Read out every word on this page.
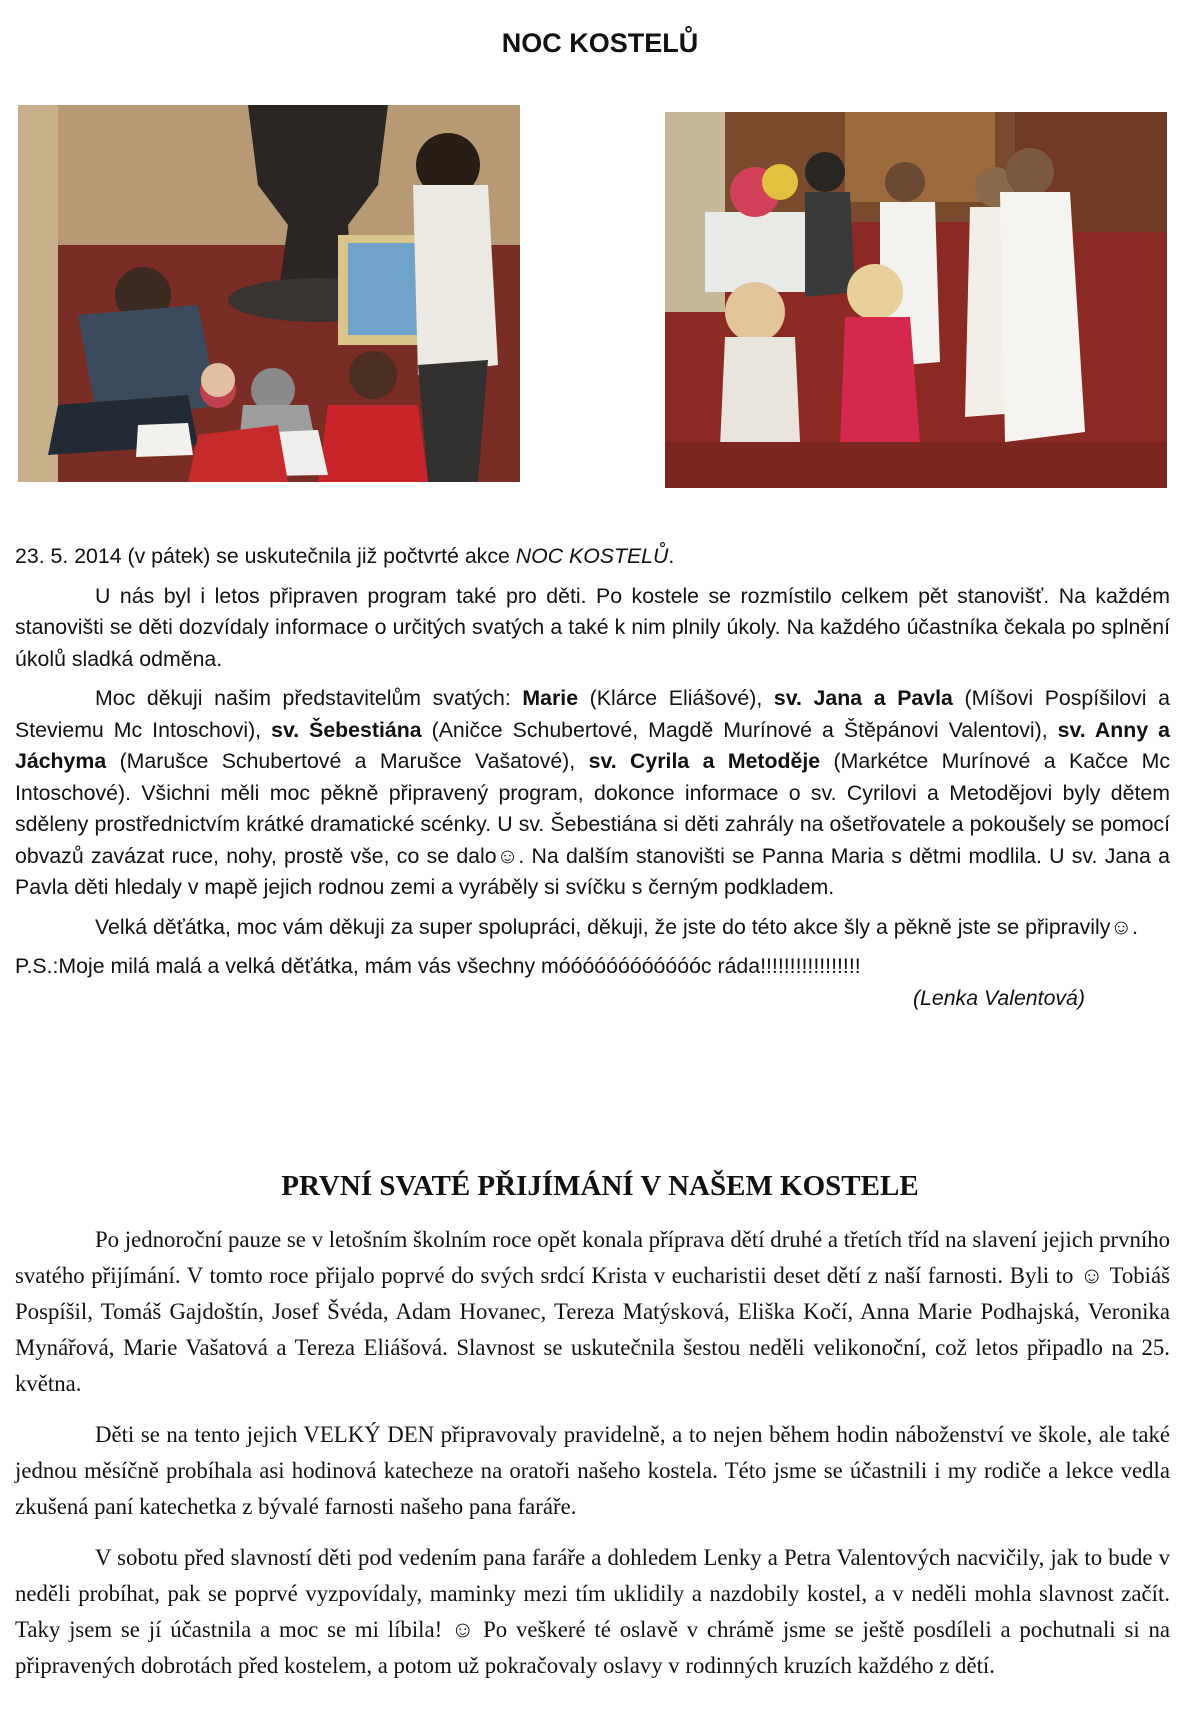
NOC KOSTELŮ

23. 5. 2014 (v pátek) se uskutečnila již počtvrté akce NOC KOSTELŮ.

U nás byl i letos připraven program také pro děti. Po kostele se rozmístilo celkem pět stanovišť. Na každém stanovišti se děti dozvídaly informace o určitých svatých a také k nim plnily úkoly. Na každého účastníka čekala po splnění úkolů sladká odměna.

Moc děkuji našim představitelům svatých: Marie (Klárce Eliášové), sv. Jana a Pavla (Míšovi Pospíšilovi a Steviemu Mc Intoschovi), sv. Šebestiána (Aničce Schubertové, Magdě Murínové a Štěpánovi Valentovi), sv. Anny a Jáchyma (Marušce Schubertové a Marušce Vašatové), sv. Cyrila a Metoděje (Markétce Murínové a Kačce Mc Intoschové). Všichni měli moc pěkně připravený program, dokonce informace o sv. Cyrilovi a Metodějovi byly dětem sděleny prostřednictvím krátké dramatické scénky. U sv. Šebestiána si děti zahrály na ošetřovatele a pokoušely se pomocí obvazů zavázat ruce, nohy, prostě vše, co se dalo☺. Na dalším stanovišti se Panna Maria s dětmi modlila. U sv. Jana a Pavla děti hledaly v mapě jejich rodnou zemi a vyráběly si svíčku s černým podkladem.

Velká děťátka, moc vám děkuji za super spolupráci, děkuji, že jste do této akce šly a pěkně jste se připravily☺.

P.S.:Moje milá malá a velká děťátka, mám vás všechny móóóóóóóóóóóóc ráda!!!!!!!!!!!!!!!!!

(Lenka Valentová)

PRVNÍ SVATÉ PŘIJÍMÁNÍ V NAŠEM KOSTELE

Po jednoroční pauze se v letošním školním roce opět konala příprava dětí druhé a třetích tříd na slavení jejich prvního svatého přijímání. V tomto roce přijalo poprvé do svých srdcí Krista v eucharistii deset dětí z naší farnosti. Byli to ☺ Tobiáš Pospíšil, Tomáš Gajdoštín, Josef Švéda, Adam Hovanec, Tereza Matýsková, Eliška Kočí, Anna Marie Podhajská, Veronika Mynářová, Marie Vašatová a Tereza Eliášová. Slavnost se uskutečnila šestou neděli velikonoční, což letos připadlo na 25. května.

Děti se na tento jejich VELKÝ DEN připravovaly pravidelně, a to nejen během hodin náboženství ve škole, ale také jednou měsíčně probíhala asi hodinová katecheze na oratoři našeho kostela. Této jsme se účastnili i my rodiče a lekce vedla zkušená paní katechetka z bývalé farnosti našeho pana faráře.

V sobotu před slavností děti pod vedením pana faráře a dohledem Lenky a Petra Valentových nacvičily, jak to bude v neděli probíhat, pak se poprvé vyzpovídaly, maminky mezi tím uklidily a nazdobily kostel, a v neděli mohla slavnost začít. Taky jsem se jí účastnila a moc se mi líbila! ☺ Po veškeré té oslavě v chrámě jsme se ještě posdíleli a pochutnali si na připravených dobrotách před kostelem, a potom už pokračovaly oslavy v rodinných kruzích každého z dětí.
